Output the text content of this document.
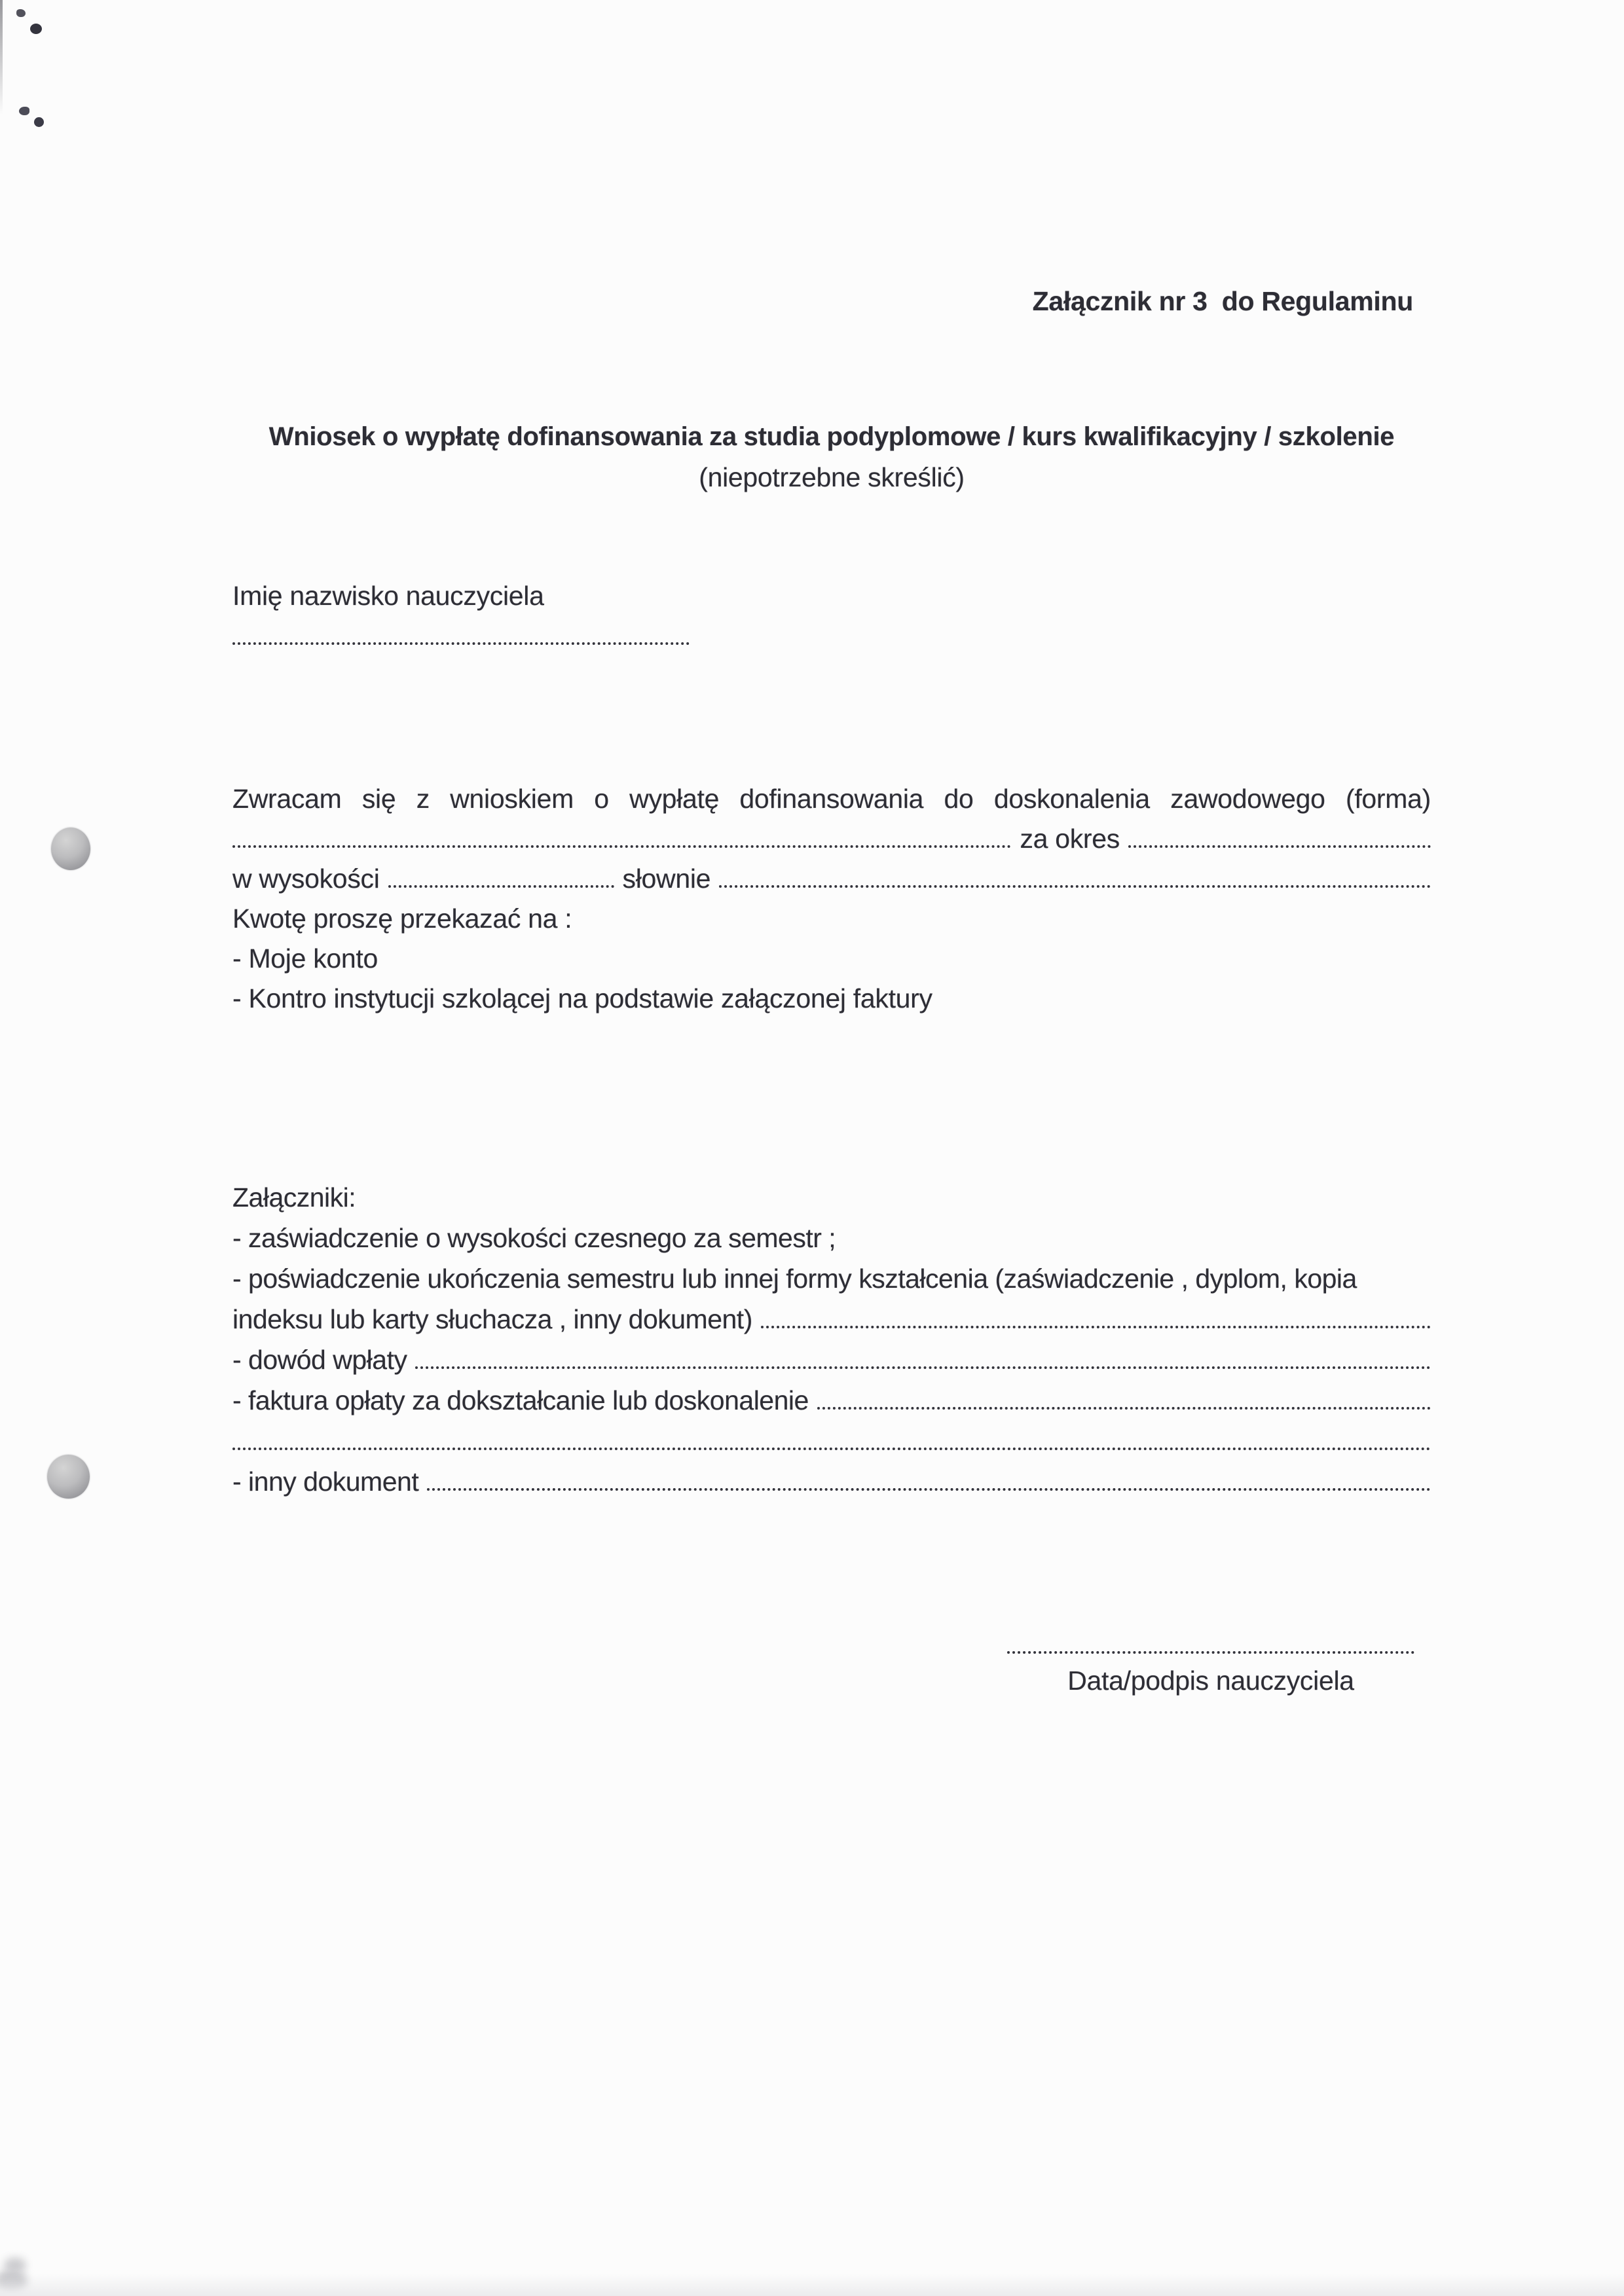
Załącznik nr 3  do Regulaminu
Wniosek o wypłatę dofinansowania za studia podyplomowe / kurs kwalifikacyjny / szkolenie
(niepotrzebne skreślić)
Imię nazwisko nauczyciela
Zwracam się z wnioskiem o wypłatę dofinansowania do doskonalenia zawodowego (forma)
za okres
w wysokości	słownie
Kwotę proszę przekazać na :
- Moje konto
- Kontro instytucji szkolącej na podstawie załączonej faktury
Załączniki:
- zaświadczenie o wysokości czesnego za semestr ;
- poświadczenie ukończenia semestru lub innej formy kształcenia (zaświadczenie , dyplom, kopia
indeksu lub karty słuchacza , inny dokument)
- dowód wpłaty
- faktura opłaty za dokształcanie lub doskonalenie
- inny dokument
Data/podpis nauczyciela
